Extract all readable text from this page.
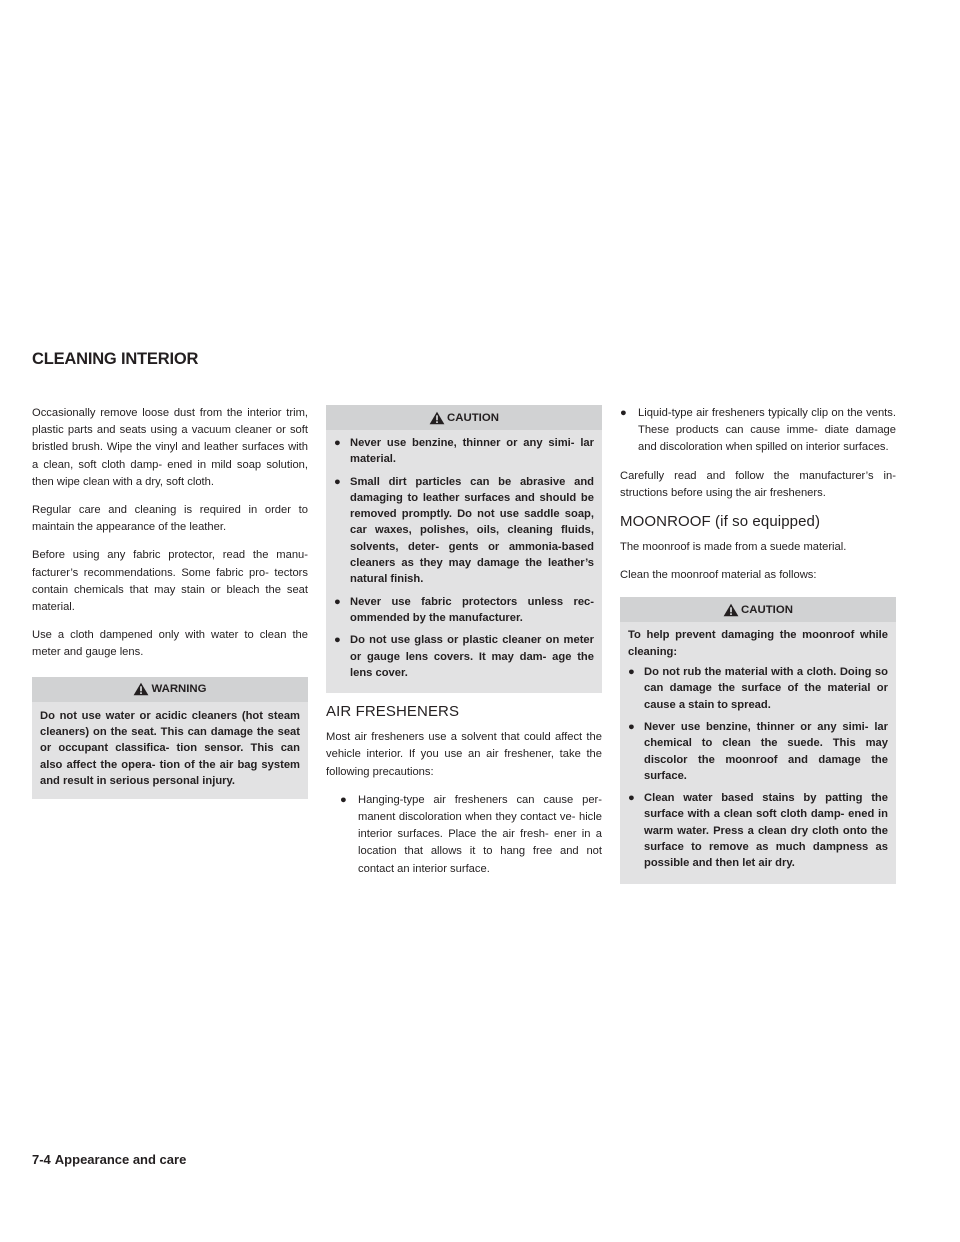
CLEANING INTERIOR

Occasionally remove loose dust from the interior trim, plastic parts and seats using a vacuum cleaner or soft bristled brush. Wipe the vinyl and leather surfaces with a clean, soft cloth damp- ened in mild soap solution, then wipe clean with a dry, soft cloth.

Regular care and cleaning is required in order to maintain the appearance of the leather.

Before using any fabric protector, read the manu- facturer’s recommendations. Some fabric pro- tectors contain chemicals that may stain or bleach the seat material.

Use a cloth dampened only with water to clean the meter and gauge lens.

WARNING

Do not use water or acidic cleaners (hot steam cleaners) on the seat. This can damage the seat or occupant classifica- tion sensor. This can also affect the opera- tion of the air bag system and result in serious personal injury.

CAUTION
● Never use benzine, thinner or any simi- lar material.
● Small dirt particles can be abrasive and damaging to leather surfaces and should be removed promptly. Do not use saddle soap, car waxes, polishes, oils, cleaning fluids, solvents, deter- gents or ammonia-based cleaners as they may damage the leather’s natural finish.
● Never use fabric protectors unless rec- ommended by the manufacturer.
● Do not use glass or plastic cleaner on meter or gauge lens covers. It may dam- age the lens cover.
AIR FRESHENERS

Most air fresheners use a solvent that could affect the vehicle interior. If you use an air freshener, take the following precautions:

●	Hanging-type air fresheners can cause per- manent discoloration when they contact ve- hicle interior surfaces. Place the air fresh- ener in a location that allows it to hang free and not contact an interior surface.
●	Liquid-type air fresheners typically clip on the vents. These products can cause imme- diate damage and discoloration when spilled on interior surfaces.

Carefully read and follow the manufacturer’s in- structions before using the air fresheners.

MOONROOF (if so equipped)

The moonroof is made from a suede material.

Clean the moonroof material as follows:

CAUTION

To help prevent damaging the moonroof while cleaning:

● Do not rub the material with a cloth. Doing so can damage the surface of the material or cause a stain to spread.
● Never use benzine, thinner or any simi- lar chemical to clean the suede. This may discolor the moonroof and damage the surface.
● Clean water based stains by patting the surface with a clean soft cloth damp- ened in warm water. Press a clean dry cloth onto the surface to remove as much dampness as possible and then let air dry.
7-4 Appearance and care
